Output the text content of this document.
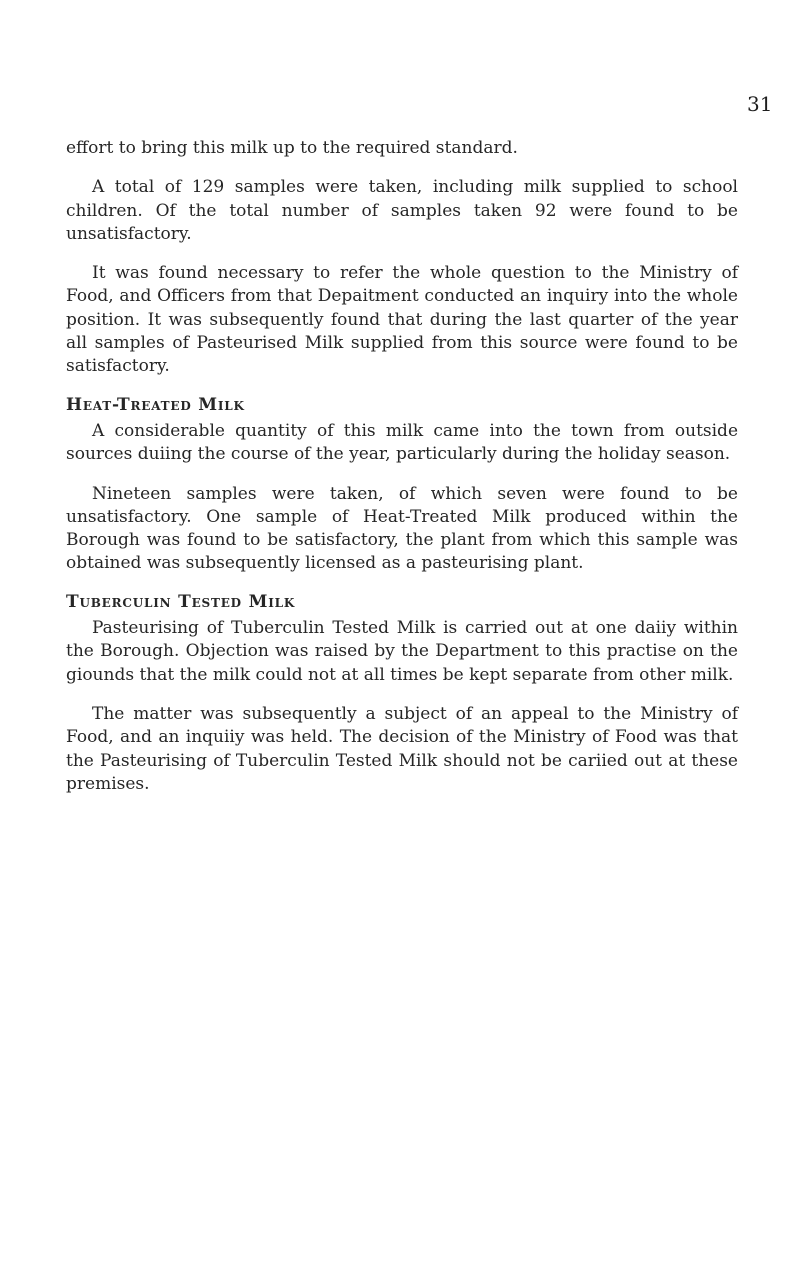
31

effort to bring this milk up to the required standard.

A total of 129 samples were taken, including milk supplied to school children. Of the total number of samples taken 92 were found to be unsatisfactory.

It was found necessary to refer the whole question to the Ministry of Food, and Officers from that Depaitment conducted an inquiry into the whole position. It was subsequently found that during the last quarter of the year all samples of Pasteurised Milk supplied from this source were found to be satisfactory.

Heat-Treated Milk

A considerable quantity of this milk came into the town from outside sources duiing the course of the year, particularly during the holiday season.

Nineteen samples were taken, of which seven were found to be unsatisfactory. One sample of Heat-Treated Milk produced within the Borough was found to be satisfactory, the plant from which this sample was obtained was subsequently licensed as a pasteurising plant.

Tuberculin Tested Milk

Pasteurising of Tuberculin Tested Milk is carried out at one daiiy within the Borough. Objection was raised by the Department to this practise on the giounds that the milk could not at all times be kept separate from other milk.

The matter was subsequently a subject of an appeal to the Ministry of Food, and an inquiiy was held. The decision of the Ministry of Food was that the Pasteurising of Tuberculin Tested Milk should not be cariied out at these premises.
